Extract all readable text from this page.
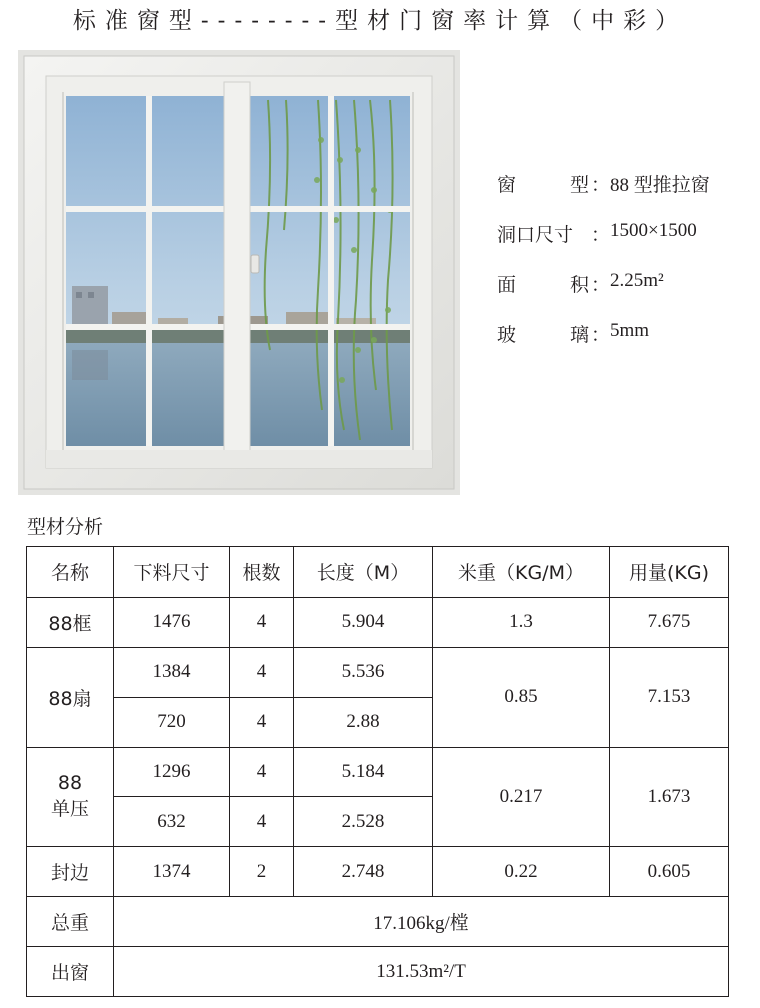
标准窗型--------型材门窗率计算（中彩）
窗	型 ： 88 型推拉窗
洞口尺寸 ： 1500×1500
面	积 ： 2.25m²
玻	璃 ： 5mm
型材分析
名称	下料尺寸	根数	长度（M）	米重（KG/M）	用量(KG)
88框	1476	4	5.904	1.3	7.675
88扇	1384	4	5.536	0.85	7.153
	720	4	2.88		
88
单压	1296	4	5.184	0.217	1.673
	632	4	2.528		
封边	1374	2	2.748	0.22	0.605
总重	17.106kg/樘				
出窗	131.53m²/T				
